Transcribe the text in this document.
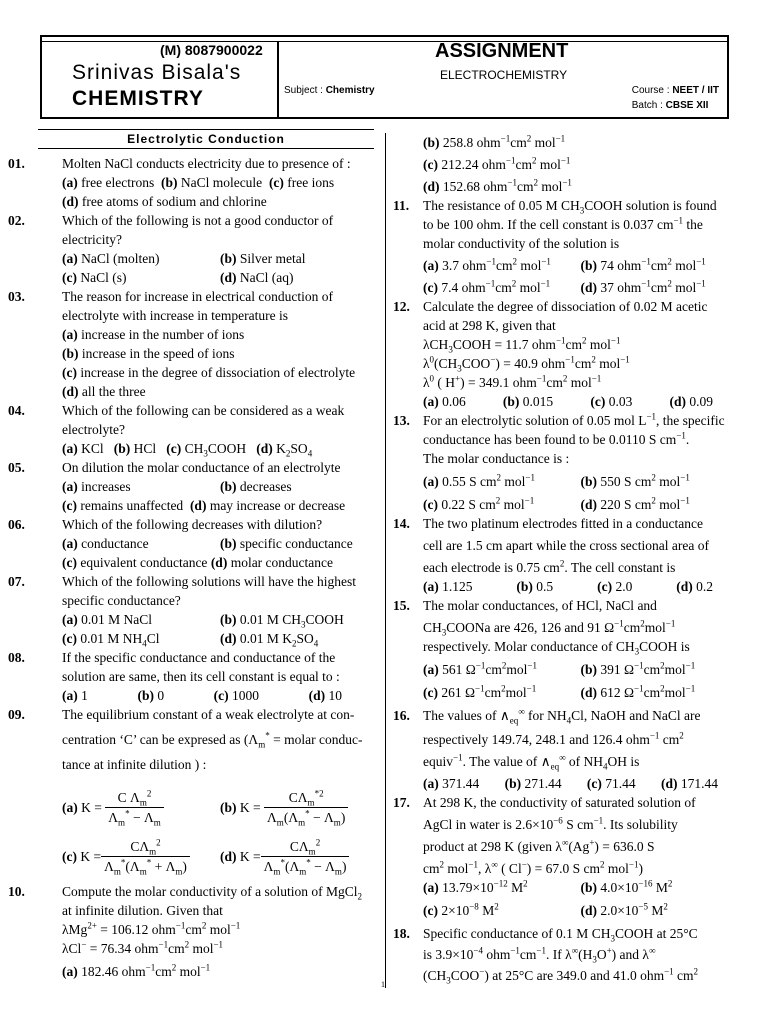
(M) 8087900022
Srinivas Bisala's
CHEMISTRY
ASSIGNMENT
ELECTROCHEMISTRY
Subject : Chemistry	Course : NEET / IIT
Batch : CBSE XII
Electrolytic Conduction
01.	Molten NaCl conducts electricity due to presence of :
(a) free electrons (b) NaCl molecule (c) free ions
(d) free atoms of sodium and chlorine
02.	Which of the following is not a good conductor of
electricity?
(a) NaCl (molten)	(b) Silver metal
(c) NaCl (s)	(d) NaCl (aq)
03.	The reason for increase in electrical conduction of
electrolyte with increase in temperature is
(a) increase in the number of ions
(b) increase in the speed of ions
(c) increase in the degree of dissociation of electrolyte
(d) all the three
04.	Which of the following can be considered as a weak
electrolyte?
(a) KCl (b) HCl (c) $CH_3COOH$ (d) $K_2SO_4$
05.	On dilution the molar conductance of an electrolyte
(a) increases	(b) decreases
(c) remains unaffected (d) may increase or decrease
06.	Which of the following decreases with dilution?
(a) conductance	(b) specific conductance
(c) equivalent conductance (d) molar conductance
07.	Which of the following solutions will have the highest
specific conductance?
(a) 0.01 M NaCl	(b) 0.01 M $CH_3COOH$
(c) 0.01 M $NH_4Cl$	(d) 0.01 M $K_2SO_4$
08.	If the specific conductance and conductance of the
solution are same, then its cell constant is equal to :
(a) 1	(b) 0	(c) 1000	(d) 10
09.	The equilibrium constant of a weak electrolyte at con-
centration ‘C’ can be expresed as ($\Lambda_m^*$ = molar conduc-
tance at infinite dilution ) :
(a)
K =
$\frac{C \Lambda_m^2}{\Lambda_m^* - \Lambda_m}$	(b)
K =
$\frac{C\Lambda_m^{*2}}{\Lambda_m(\Lambda_m^* - \Lambda_m)}$
(c)
$K = \frac{C\Lambda_m^2}{\Lambda_m^*(\Lambda_m^* + \Lambda_m)} (d)$
$K = \frac{C\Lambda_m^2}{\Lambda_m^*(\Lambda_m^* - \Lambda_m)}$
10.	Compute the molar conductivity of a solution of MgCl$_2$
at infinite dilution. Given that
λMg$^{2+}$ = 106.12 $ohm^{-1}cm^2$ mol$^{-1}$
λCl− = 76.34 $ohm^{-1}cm^2$ mol$^{-1}$
(a) 182.46 $ohm^{-1}cm^2$ mol$^{-1}$
(b) 258.8 $ohm^{-1}cm^2$ mol$^{-1}$
(c) 212.24 $ohm^{-1}cm^2$ mol$^{-1}$
(d) 152.68 $ohm^{-1}cm^2$ mol$^{-1}$
11.	The resistance of 0.05 M $CH_3COOH$ solution is found
to be 100 ohm. If the cell constant is 0.037 $cm^{-1}$ the
molar conductivity of the solution is
(a) 3.7 $ohm^{-1}cm^2$ mol$^{-1}$	(b) 74 $ohm^{-1}cm^2$ mol$^{-1}$
(c) 7.4 $ohm^{-1}cm^2$ mol$^{-1}$	(d) 37 $ohm^{-1}cm^2$ mol$^{-1}$
12. Calculate the degree of dissociation of 0.02 M acetic
acid at 298 K, given that
λCH$_3$COOH = 11.7 $ohm^{-1}cm^2$ mol$^{-1}$
$\lambda^0(CH_3COO^-) = 40.9$ $ohm^{-1}cm^2$ mol$^{-1}$
$\lambda^0$ ( H+) = 349.1 $ohm^{-1}cm^2$ mol$^{-1}$
(a) 0.06	(b) 0.015	(c) 0.03	(d) 0.09
13. For an electrolytic solution of 0.05 mol $L^{-1}$, the specific
conductance has been found to be 0.0110 S $cm^{-1}$.
The molar conductance is :
(a) 0.55 S $cm^2$ mol$^{-1}$	(b) 550 S $cm^2$ mol$^{-1}$
(c) 0.22 S $cm^2$ mol$^{-1}$	(d) 220 S $cm^2$ mol$^{-1}$
14. The two platinum electrodes fitted in a conductance
cell are 1.5 cm apart while the cross sectional area of
each electrode is 0.75 $cm^2$. The cell constant is
(a) 1.125	(b) 0.5	(c) 2.0	(d) 0.2
15. The molar conductances, of HCl, NaCl and
$CH_3COONa$ are 426, 126 and 91 $\Omega^{-1}cm^2mol^{-1}$
respectively. Molar conductance of $CH_3COOH$ is
(a) 561 $\Omega^{-1}cm^2mol^{-1}$	(b) 391 $\Omega^{-1}cm^2mol^{-1}$
(c) 261 $\Omega^{-1}cm^2mol^{-1}$	(d) 612 $\Omega^{-1}cm^2mol^{-1}$
16. The values of $\wedge_{eq}^\infty$ for $NH_4Cl$, NaOH and NaCl are
respectively 149.74, 248.1 and 126.4 ohm$^{-1}$ $cm^2$
equiv$^{-1}$. The value of $\wedge_{eq}^\infty$ of $NH_4OH$ is
(a) 371.44 (b) 271.44 (c) 71.44 (d) 171.44
17. At 298 K, the conductivity of saturated solution of
AgCl in water is $2.6\times 10^{-6}$ S $cm^{-1}$. Its solubility
product at 298 K (given λ∞(Ag+) = 636.0 S
$cm^2$ mol$^{-1}$, λ∞ ( Cl−) = 67.0 S $cm^2$ mol$^{-1}$)
(a) $13.79\times 10^{-12}$ $M^2$	(b) $4.0\times 10^{-16}$ $M^2$
(c) $2\times 10^{-8}$ $M^2$	(d) $2.0\times 10^{-5}$ $M^2$
18. Specific conductance of 0.1 M $CH_3COOH$ at 25°C
is $3.9\times 10^{-4}$ $ohm^{-1}cm^{-1}$. If $\lambda^\infty(H_3O^+)$ and λ∞
$(CH_3COO^-)$ at 25°C are 349.0 and 41.0 ohm$^{-1}$ $cm^2$
1
